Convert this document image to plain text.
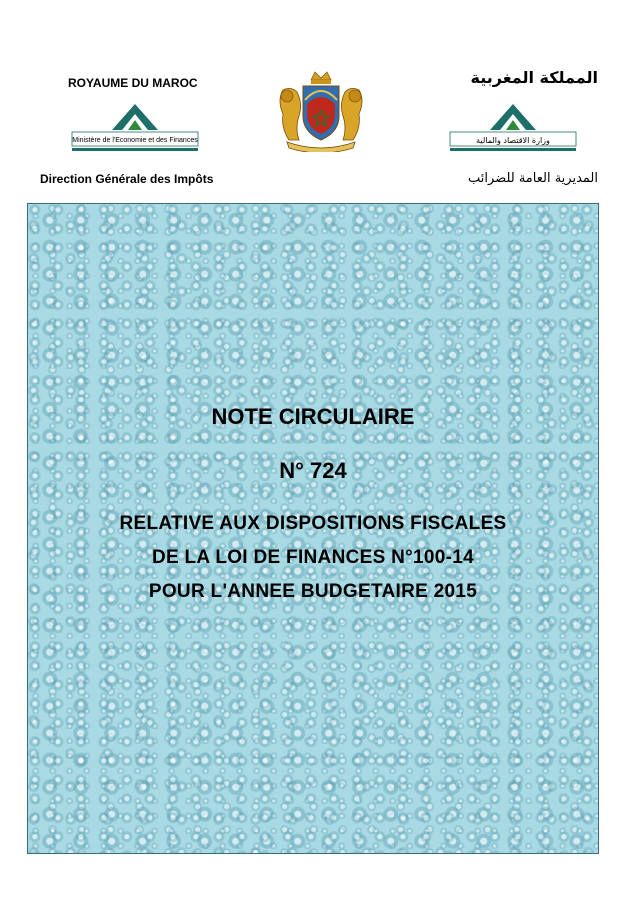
ROYAUME DU MAROC
Ministère de l'Economie et des Finances
Direction Générale des Impôts
المملكة المغربية
وزارة الاقتصاد والمالية
المديرية العامة للضرائب
NOTE CIRCULAIRE
N° 724
RELATIVE AUX DISPOSITIONS FISCALES
DE LA LOI DE FINANCES N°100-14
POUR L'ANNEE BUDGETAIRE 2015
